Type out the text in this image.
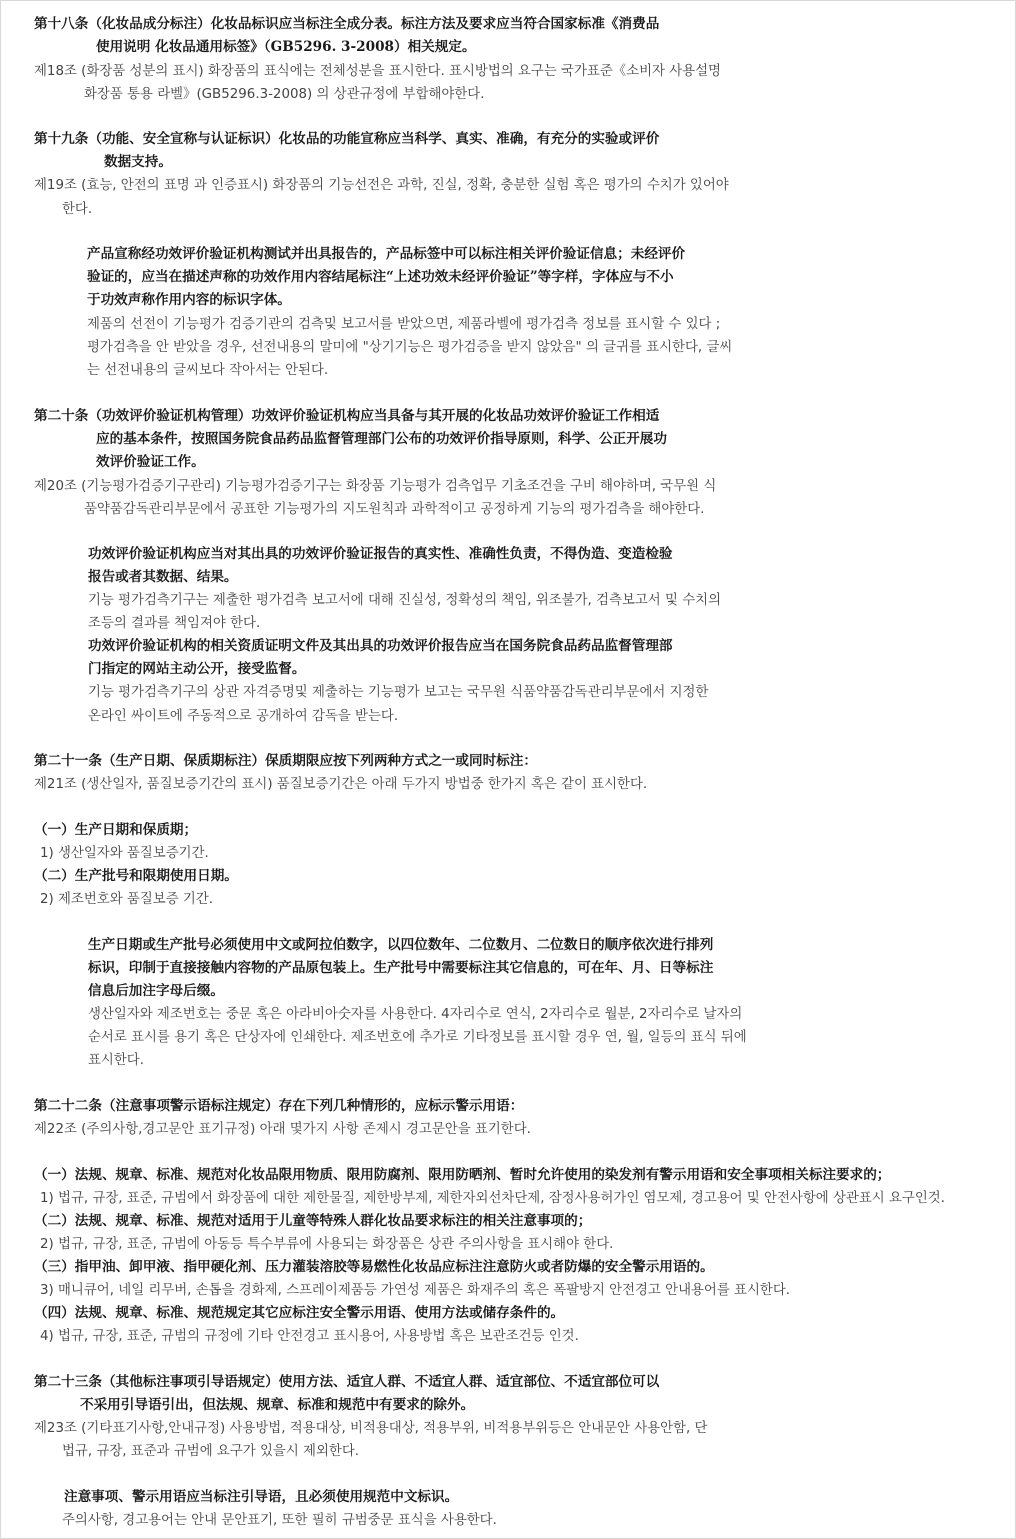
第十八条（化妆品成分标注）化妆品标识应当标注全成分表。标注方法及要求应当符合国家标准《消费品
使用说明 化妆品通用标签》（GB5296. 3-2008）相关规定。
제18조 (화장품 성분의 표시) 화장품의 표식에는 전체성분을 표시한다. 표시방법의 요구는 국가표준《소비자 사용설명
화장품 통용 라벨》(GB5296.3-2008) 의 상관규정에 부합해야한다.
第十九条（功能、安全宣称与认证标识）化妆品的功能宣称应当科学、真实、准确，有充分的实验或评价
数据支持。
제19조 (효능, 안전의 표명 과 인증표시) 화장품의 기능선전은 과학, 진실, 정확, 충분한 실험 혹은 평가의 수치가 있어야
한다.
产品宣称经功效评价验证机构测试并出具报告的，产品标签中可以标注相关评价验证信息；未经评价
验证的，应当在描述声称的功效作用内容结尾标注“上述功效未经评价验证”等字样，字体应与不小
于功效声称作用内容的标识字体。
제품의 선전이 기능평가 검증기관의 검측및 보고서를 받았으면, 제품라벨에 평가검측 정보를 표시할 수 있다 ;
평가검측을 안 받았을 경우, 선전내용의 말미에 "상기기능은 평가검증을 받지 않았음" 의 글귀를 표시한다, 글씨
는 선전내용의 글씨보다 작아서는 안된다.
第二十条（功效评价验证机构管理）功效评价验证机构应当具备与其开展的化妆品功效评价验证工作相适
应的基本条件，按照国务院食品药品监督管理部门公布的功效评价指导原则，科学、公正开展功
效评价验证工作。
제20조 (기능평가검증기구관리) 기능평가검증기구는 화장품 기능평가 검측업무 기초조건을 구비 해야하며, 국무원 식
품약품감독관리부문에서 공표한 기능평가의 지도원칙과 과학적이고 공정하게 기능의 평가검측을 해야한다.
功效评价验证机构应当对其出具的功效评价验证报告的真实性、准确性负责，不得伪造、变造检验
报告或者其数据、结果。
기능 평가검측기구는 제출한 평가검측 보고서에 대해 진실성, 정확성의 책임, 위조불가, 검측보고서 및 수치의
조등의 결과를 책임져야 한다.
功效评价验证机构的相关资质证明文件及其出具的功效评价报告应当在国务院食品药品监督管理部
门指定的网站主动公开，接受监督。
기능 평가검측기구의 상관 자격증명및 제출하는 기능평가 보고는 국무원 식품약품감독관리부문에서 지정한
온라인 싸이트에 주동적으로 공개하여 감독을 받는다.
第二十一条（生产日期、保质期标注）保质期限应按下列两种方式之一或同时标注：
제21조 (생산일자, 품질보증기간의 표시) 품질보증기간은 아래 두가지 방법중 한가지 혹은 같이 표시한다.
（一）生产日期和保质期；
1) 생산일자와 품질보증기간.
（二）生产批号和限期使用日期。
2) 제조번호와 품질보증 기간.
生产日期或生产批号必须使用中文或阿拉伯数字，以四位数年、二位数月、二位数日的顺序依次进行排列
标识，印制于直接接触内容物的产品原包装上。生产批号中需要标注其它信息的，可在年、月、日等标注
信息后加注字母后缀。
생산일자와 제조번호는 중문 혹은 아라비아숫자를 사용한다. 4자리수로 연식, 2자리수로 월분, 2자리수로 날자의
순서로 표시를 용기 혹은 단상자에 인쇄한다. 제조번호에 추가로 기타정보를 표시할 경우 연, 월, 일등의 표식 뒤에
표시한다.
第二十二条（注意事项警示语标注规定）存在下列几种情形的，应标示警示用语：
제22조 (주의사항,경고문안 표기규정) 아래 몇가지 사항 존제시 경고문안을 표기한다.
（一）法规、规章、标准、规范对化妆品限用物质、限用防腐剂、限用防晒剂、暂时允许使用的染发剂有警示用语和安全事项相关标注要求的；
1) 법규, 규장, 표준, 규범에서 화장품에 대한 제한물질, 제한방부제, 제한자외선차단제, 잠정사용허가인 염모제, 경고용어 및 안전사항에 상관표시 요구인것.
（二）法规、规章、标准、规范对适用于儿童等特殊人群化妆品要求标注的相关注意事项的；
2) 법규, 규장, 표준, 규범에 아동등 특수부류에 사용되는 화장품은 상관 주의사항을 표시해야 한다.
（三）指甲油、卸甲液、指甲硬化剂、压力灌装溶胶等易燃性化妆品应标注注意防火或者防爆的安全警示用语的。
3) 매니큐어, 네일 리무버, 손톱을 경화제, 스프레이제품등 가연성 제품은 화재주의 혹은 폭팔방지 안전경고 안내용어를 표시한다.
（四）法规、规章、标准、规范规定其它应标注安全警示用语、使用方法或储存条件的。
4) 법규, 규장, 표준, 규범의 규정에 기타 안전경고 표시용어, 사용방법 혹은 보관조건등 인것.
第二十三条（其他标注事项引导语规定）使用方法、适宜人群、不适宜人群、适宜部位、不适宜部位可以
不采用引导语引出，但法规、规章、标准和规范中有要求的除外。
제23조 (기타표기사항,안내규정) 사용방법, 적용대상, 비적용대상, 적용부위, 비적용부위등은 안내문안 사용안함, 단
법규, 규장, 표준과 규범에 요구가 있을시 제외한다.
注意事项、警示用语应当标注引导语，且必须使用规范中文标识。
주의사항, 경고용어는 안내 문안표기, 또한 필히 규범중문 표식을 사용한다.
